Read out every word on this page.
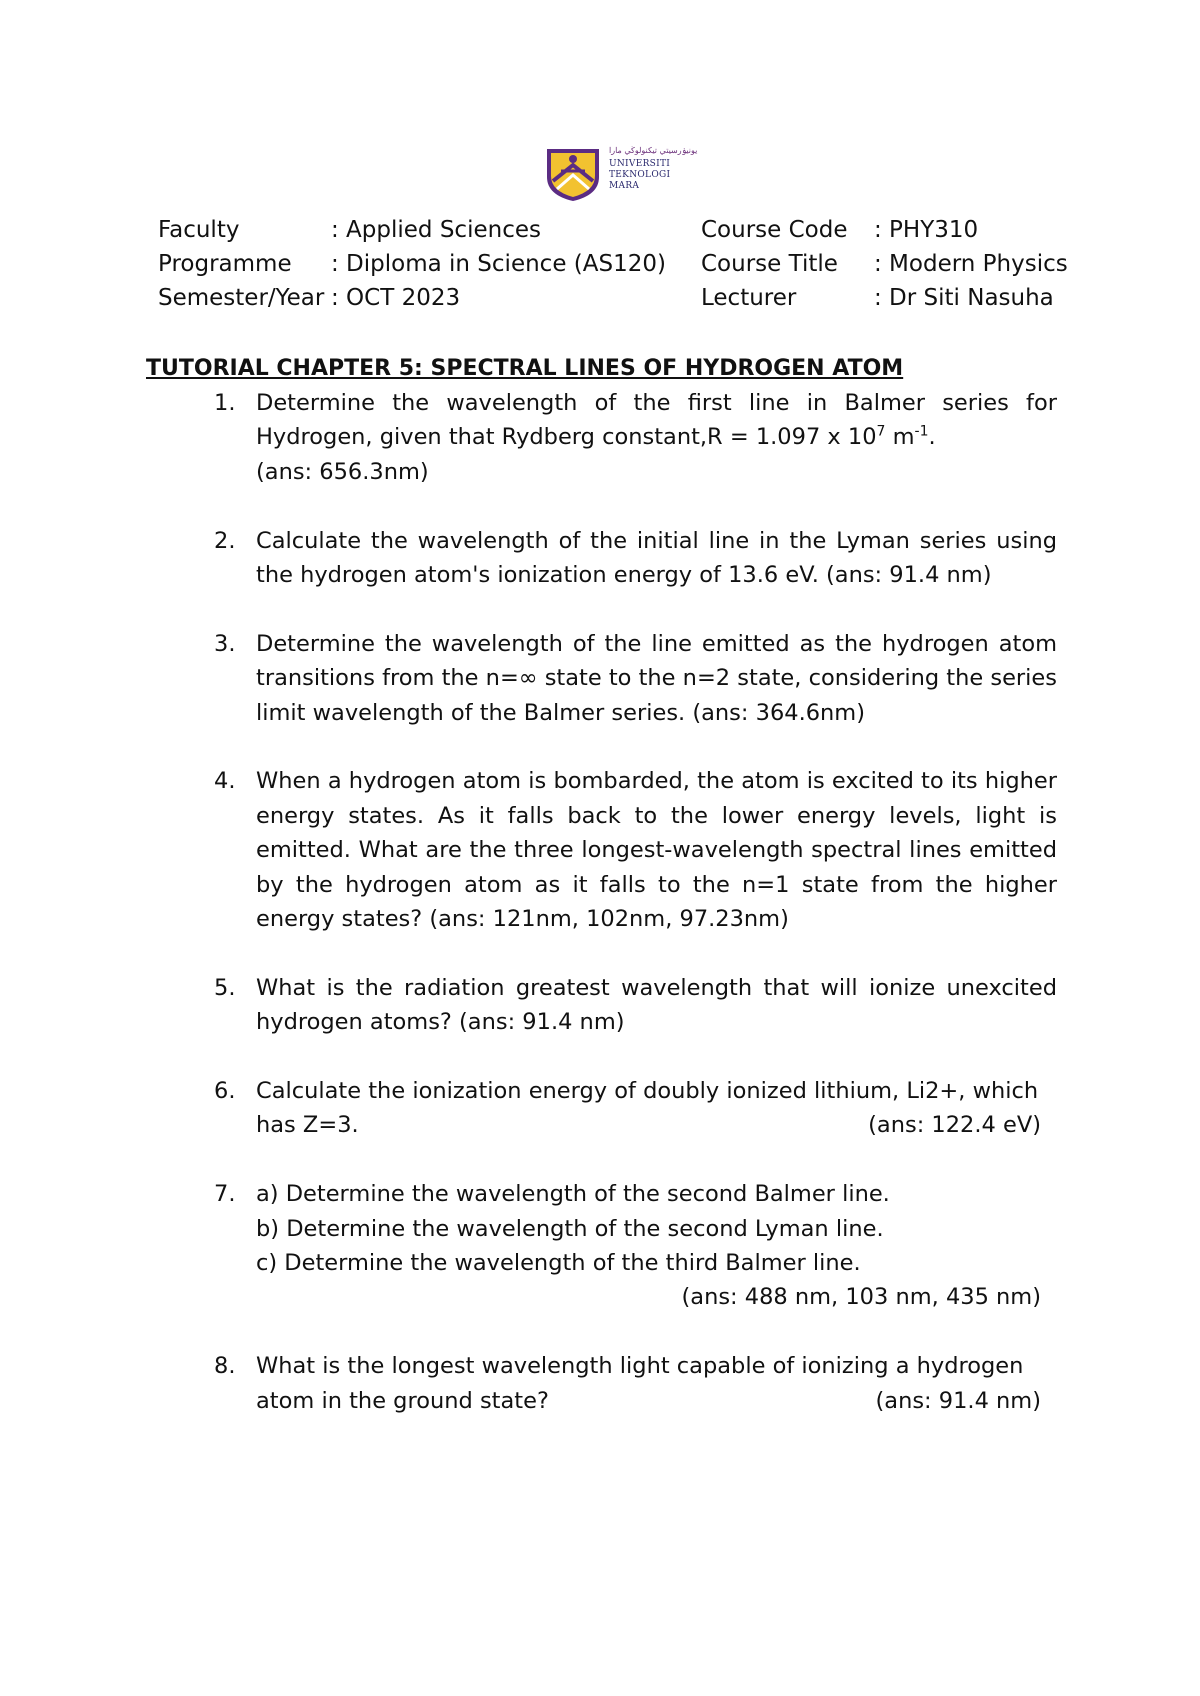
يونيۏرسيتي تيكنولوڬي مارا
UNIVERSITI
TEKNOLOGI
MARA
Faculty	: Applied Sciences	Course Code : PHY310
Programme : Diploma in Science (AS120) Course Title : Modern Physics
Semester/Year : OCT 2023	Lecturer	: Dr Siti Nasuha
TUTORIAL CHAPTER 5: SPECTRAL LINES OF HYDROGEN ATOM
1. Determine the wavelength of the first line in Balmer series for Hydrogen, given that Rydberg constant,R = 1.097 x $10^7$ $m^{-1}$.
(ans: 656.3nm)
2. Calculate the wavelength of the initial line in the Lyman series using the hydrogen atom's ionization energy of 13.6 eV. (ans: 91.4 nm)
3. Determine the wavelength of the line emitted as the hydrogen atom transitions from the n=∞ state to the n=2 state, considering the series limit wavelength of the Balmer series. (ans: 364.6nm)
4. When a hydrogen atom is bombarded, the atom is excited to its higher energy states. As it falls back to the lower energy levels, light is emitted. What are the three longest-wavelength spectral lines emitted by the hydrogen atom as it falls to the n=1 state from the higher energy states? (ans: 121nm, 102nm, 97.23nm)
5. What is the radiation greatest wavelength that will ionize unexcited hydrogen atoms? (ans: 91.4 nm)
6. Calculate the ionization energy of doubly ionized lithium, Li2+, which
has Z=3.	(ans: 122.4 eV)
7. a) Determine the wavelength of the second Balmer line.
b) Determine the wavelength of the second Lyman line.
c) Determine the wavelength of the third Balmer line.
(ans: 488 nm, 103 nm, 435 nm)
8. What is the longest wavelength light capable of ionizing a hydrogen
atom in the ground state?	(ans: 91.4 nm)
